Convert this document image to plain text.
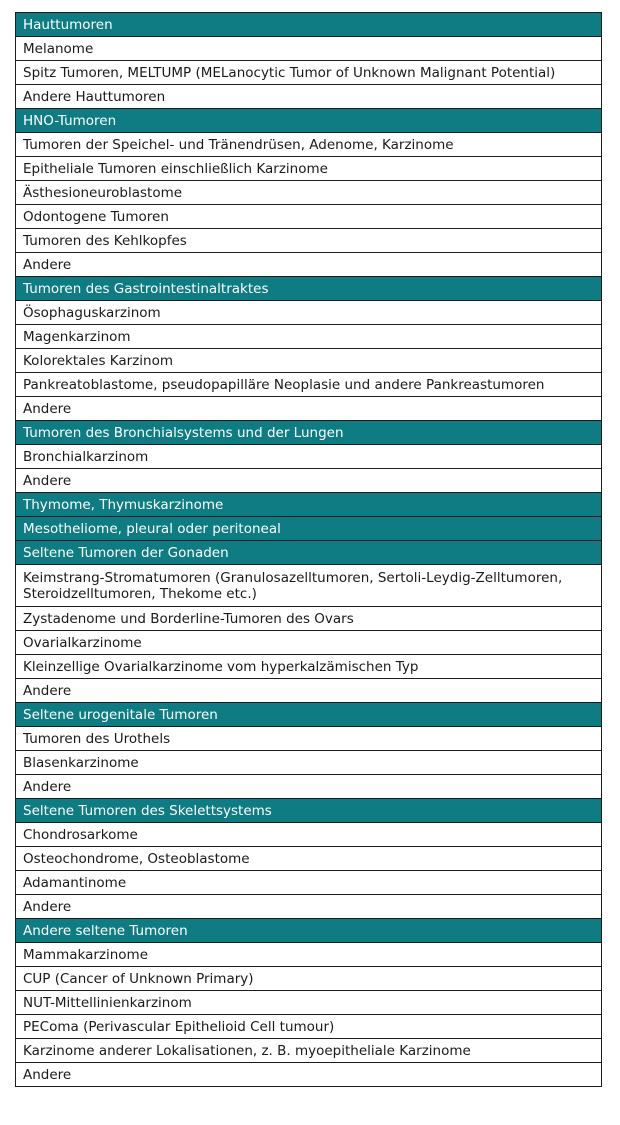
Hauttumoren
Melanome
Spitz Tumoren, MELTUMP (MELanocytic Tumor of Unknown Malignant Potential)
Andere Hauttumoren
HNO-Tumoren
Tumoren der Speichel- und Tränendrüsen, Adenome, Karzinome
Epitheliale Tumoren einschließlich Karzinome
Ästhesioneuroblastome
Odontogene Tumoren
Tumoren des Kehlkopfes
Andere
Tumoren des Gastrointestinaltraktes
Ösophaguskarzinom
Magenkarzinom
Kolorektales Karzinom
Pankreatoblastome, pseudopapilläre Neoplasie und andere Pankreastumoren
Andere
Tumoren des Bronchialsystems und der Lungen
Bronchialkarzinom
Andere
Thymome, Thymuskarzinome
Mesotheliome, pleural oder peritoneal
Seltene Tumoren der Gonaden
Keimstrang-Stromatumoren (Granulosazelltumoren, Sertoli-Leydig-Zelltumoren, Steroidzelltumoren, Thekome etc.)
Zystadenome und Borderline-Tumoren des Ovars
Ovarialkarzinome
Kleinzellige Ovarialkarzinome vom hyperkalzämischen Typ
Andere
Seltene urogenitale Tumoren
Tumoren des Urothels
Blasenkarzinome
Andere
Seltene Tumoren des Skelettsystems
Chondrosarkome
Osteochondrome, Osteoblastome
Adamantinome
Andere
Andere seltene Tumoren
Mammakarzinome
CUP (Cancer of Unknown Primary)
NUT-Mittellinienkarzinom
PEComa (Perivascular Epithelioid Cell tumour)
Karzinome anderer Lokalisationen, z. B. myoepitheliale Karzinome
Andere
